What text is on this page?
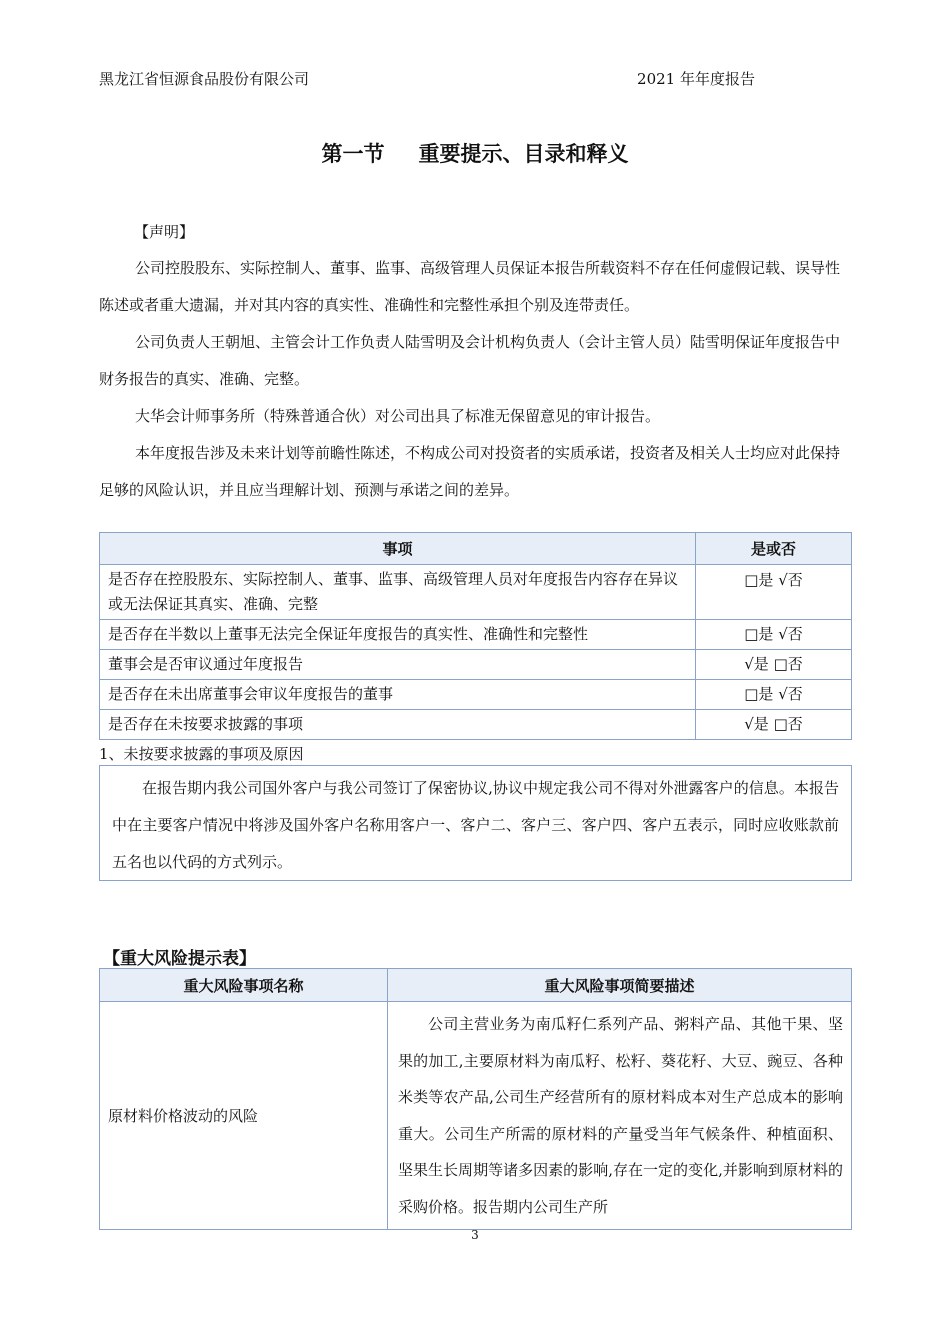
黑龙江省恒源食品股份有限公司	2021 年年度报告
第一节 重要提示、目录和释义
【声明】
公司控股股东、实际控制人、董事、监事、高级管理人员保证本报告所载资料不存在任何虚假记载、误导性陈述或者重大遗漏，并对其内容的真实性、准确性和完整性承担个别及连带责任。
公司负责人王朝旭、主管会计工作负责人陆雪明及会计机构负责人（会计主管人员）陆雪明保证年度报告中财务报告的真实、准确、完整。
大华会计师事务所（特殊普通合伙）对公司出具了标准无保留意见的审计报告。
本年度报告涉及未来计划等前瞻性陈述，不构成公司对投资者的实质承诺，投资者及相关人士均应对此保持足够的风险认识，并且应当理解计划、预测与承诺之间的差异。
事项	是或否
是否存在控股股东、实际控制人、董事、监事、高级管理人员对年度报告内容存在异议或无法保证其真实、准确、完整	□是 √否
是否存在半数以上董事无法完全保证年度报告的真实性、准确性和完整性	□是 √否
董事会是否审议通过年度报告	√是 □否
是否存在未出席董事会审议年度报告的董事	□是 √否
是否存在未按要求披露的事项	√是 □否
1、未按要求披露的事项及原因
在报告期内我公司国外客户与我公司签订了保密协议,协议中规定我公司不得对外泄露客户的信息。本报告中在主要客户情况中将涉及国外客户名称用客户一、客户二、客户三、客户四、客户五表示，同时应收账款前五名也以代码的方式列示。
【重大风险提示表】
重大风险事项名称	重大风险事项简要描述
原材料价格波动的风险	公司主营业务为南瓜籽仁系列产品、粥料产品、其他干果、坚果的加工,主要原材料为南瓜籽、松籽、葵花籽、大豆、豌豆、各种米类等农产品,公司生产经营所有的原材料成本对生产总成本的影响重大。公司生产所需的原材料的产量受当年气候条件、种植面积、坚果生长周期等诸多因素的影响,存在一定的变化,并影响到原材料的采购价格。报告期内公司生产所
3
